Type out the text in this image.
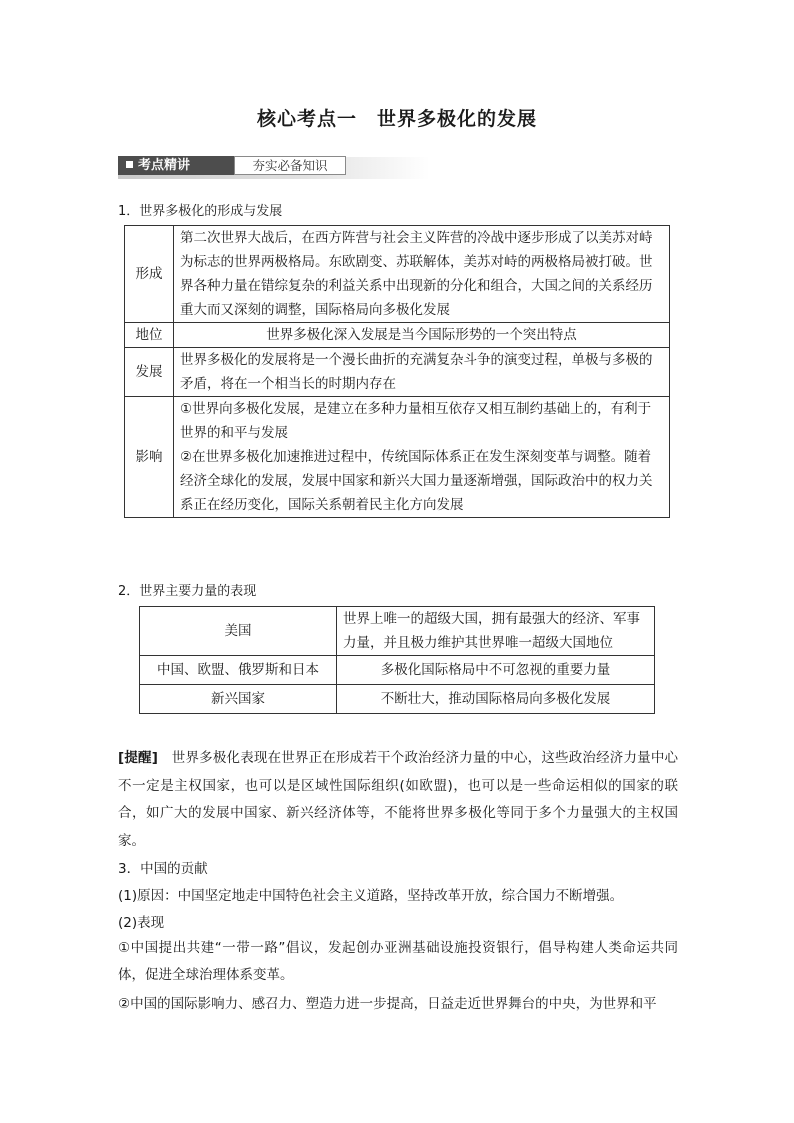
核心考点一　世界多极化的发展
考点精讲	夯实必备知识
1．世界多极化的形成与发展
形成	第二次世界大战后，在西方阵营与社会主义阵营的冷战中逐步形成了以美苏对峙为标志的世界两极格局。东欧剧变、苏联解体，美苏对峙的两极格局被打破。世界各种力量在错综复杂的利益关系中出现新的分化和组合，大国之间的关系经历重大而又深刻的调整，国际格局向多极化发展
地位	世界多极化深入发展是当今国际形势的一个突出特点
发展	世界多极化的发展将是一个漫长曲折的充满复杂斗争的演变过程，单极与多极的矛盾，将在一个相当长的时期内存在
影响	①世界向多极化发展，是建立在多种力量相互依存又相互制约基础上的，有利于世界的和平与发展
②在世界多极化加速推进过程中，传统国际体系正在发生深刻变革与调整。随着经济全球化的发展，发展中国家和新兴大国力量逐渐增强，国际政治中的权力关系正在经历变化，国际关系朝着民主化方向发展
2．世界主要力量的表现
美国	世界上唯一的超级大国，拥有最强大的经济、军事力量，并且极力维护其世界唯一超级大国地位
中国、欧盟、俄罗斯和日本	多极化国际格局中不可忽视的重要力量
新兴国家	不断壮大，推动国际格局向多极化发展
[提醒]　世界多极化表现在世界正在形成若干个政治经济力量的中心，这些政治经济力量中心不一定是主权国家，也可以是区域性国际组织(如欧盟)，也可以是一些命运相似的国家的联合，如广大的发展中国家、新兴经济体等，不能将世界多极化等同于多个力量强大的主权国家。
3．中国的贡献
(1)原因：中国坚定地走中国特色社会主义道路，坚持改革开放，综合国力不断增强。
(2)表现
①中国提出共建“一带一路”倡议，发起创办亚洲基础设施投资银行，倡导构建人类命运共同体，促进全球治理体系变革。
②中国的国际影响力、感召力、塑造力进一步提高，日益走近世界舞台的中央，为世界和平
